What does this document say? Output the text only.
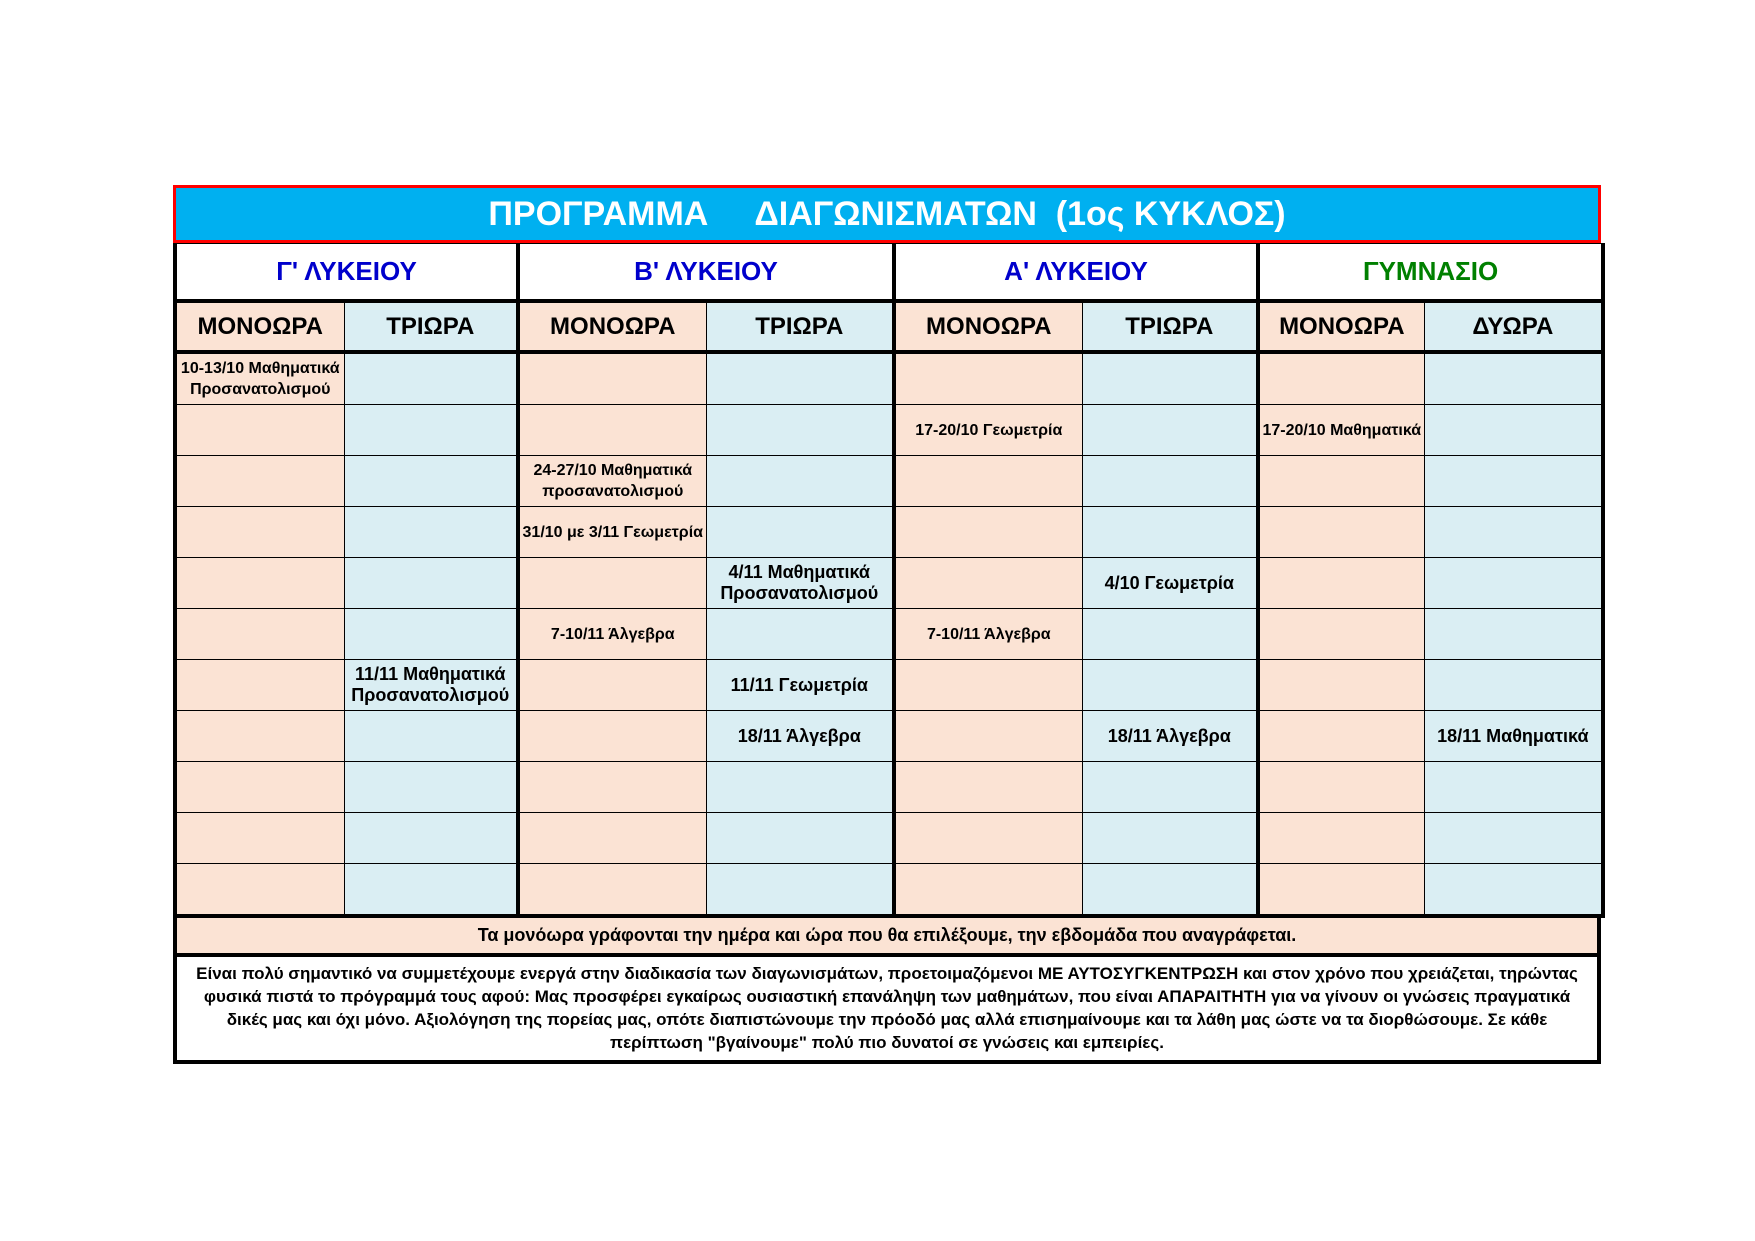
ΠΡΟΓΡΑΜΜΑ     ΔΙΑΓΩΝΙΣΜΑΤΩΝ  (1ος ΚΥΚΛΟΣ)
Γ' ΛΥΚΕΙΟΥ		Β' ΛΥΚΕΙΟΥ		Α' ΛΥΚΕΙΟΥ		ΓΥΜΝΑΣΙΟ	
ΜΟΝΟΩΡΑ	ΤΡΙΩΡΑ	ΜΟΝΟΩΡΑ	ΤΡΙΩΡΑ	ΜΟΝΟΩΡΑ	ΤΡΙΩΡΑ	ΜΟΝΟΩΡΑ	ΔΥΩΡΑ
10-13/10 Μαθηματικά Προσανατολισμού							
				17-20/10 Γεωμετρία		17-20/10 Μαθηματικά	
		24-27/10 Μαθηματικά προσανατολισμού					
		31/10 με 3/11 Γεωμετρία					
			4/11 Μαθηματικά Προσανατολισμού		4/10 Γεωμετρία		
		7-10/11 Άλγεβρα		7-10/11 Άλγεβρα			
	11/11 Μαθηματικά Προσανατολισμού		11/11 Γεωμετρία				
			18/11 Άλγεβρα		18/11 Άλγεβρα		18/11 Μαθηματικά

Τα μονόωρα γράφονται την ημέρα και ώρα που θα επιλέξουμε, την εβδομάδα που αναγράφεται.
Είναι πολύ σημαντικό να συμμετέχουμε ενεργά στην διαδικασία των διαγωνισμάτων, προετοιμαζόμενοι ΜΕ ΑΥΤΟΣΥΓΚΕΝΤΡΩΣΗ και στον χρόνο που χρειάζεται, τηρώντας φυσικά πιστά το πρόγραμμά τους αφού: Μας προσφέρει εγκαίρως ουσιαστική επανάληψη των μαθημάτων, που είναι ΑΠΑΡΑΙΤΗΤΗ για να γίνουν οι γνώσεις πραγματικά δικές μας και όχι μόνο. Αξιολόγηση της πορείας μας, οπότε διαπιστώνουμε την πρόοδό μας αλλά επισημαίνουμε και τα λάθη μας ώστε να τα διορθώσουμε. Σε κάθε περίπτωση "βγαίνουμε" πολύ πιο δυνατοί σε γνώσεις και εμπειρίες.
